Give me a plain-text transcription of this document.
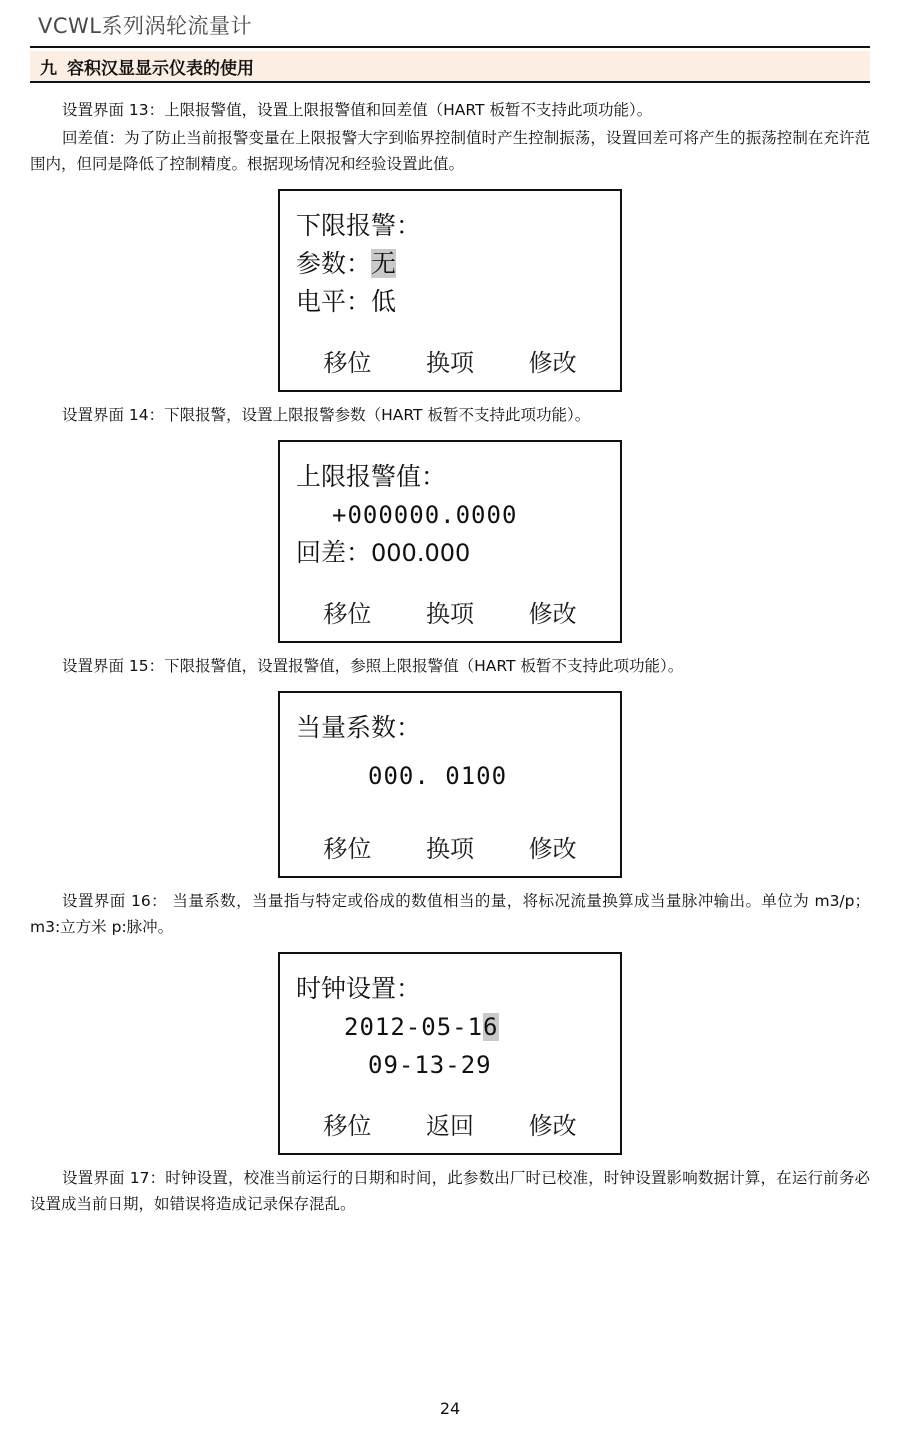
VCWL系列涡轮流量计
九 容积汉显显示仪表的使用

设置界面 13：上限报警值，设置上限报警值和回差值（HART 板暂不支持此项功能）。

回差值：为了防止当前报警变量在上限报警大字到临界控制值时产生控制振荡，设置回差可将产生的振荡控制在充许范围内，但同是降低了控制精度。根据现场情况和经验设置此值。

下限报警：
参数：无
电平：低
移位 换项 修改

设置界面 14：下限报警，设置上限报警参数（HART 板暂不支持此项功能）。

上限报警值：
+000000.0000
回差：000.000
移位 换项 修改

设置界面 15：下限报警值，设置报警值，参照上限报警值（HART 板暂不支持此项功能）。

当量系数：
000. 0100
移位 换项 修改

设置界面 16： 当量系数，当量指与特定或俗成的数值相当的量，将标况流量换算成当量脉冲输出。单位为 m3/p； m3:立方米 p:脉冲。

时钟设置：
2012-05-16
09-13-29
移位 返回 修改

设置界面 17：时钟设置，校准当前运行的日期和时间，此参数出厂时已校准，时钟设置影响数据计算，在运行前务必设置成当前日期，如错误将造成记录保存混乱。

24
